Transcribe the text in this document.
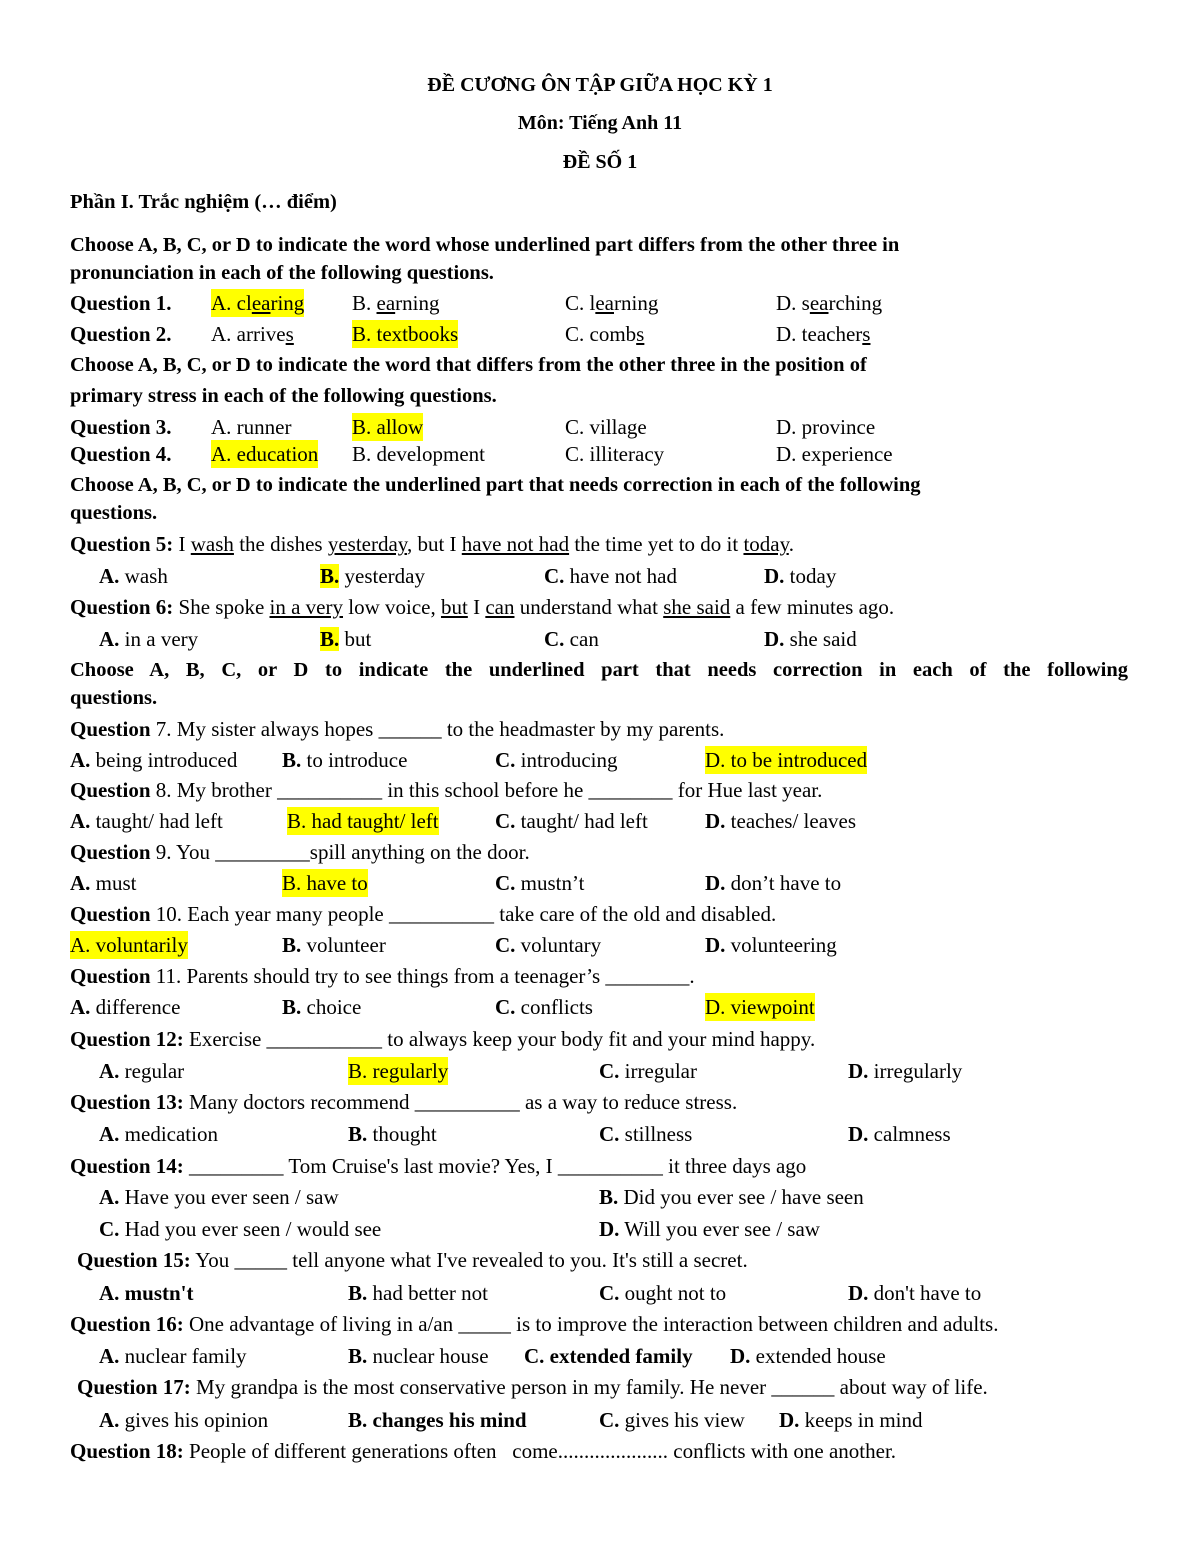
ĐỀ CƯƠNG ÔN TẬP GIỮA HỌC KỲ 1
Môn: Tiếng Anh 11
ĐỀ SỐ 1
Phần I. Trắc nghiệm (… điểm)
Choose A, B, C, or D to indicate the word whose underlined part differs from the other three in
pronunciation in each of the following questions.
Question 1. A. clearing B. earning	C. learning	D. searching
Question 2. A. arrives	B. textbooks	C. combs	D. teachers
Choose A, B, C, or D to indicate the word that differs from the other three in the position of
primary stress in each of the following questions.
Question 3. A. runner	B. allow	C. village	D. province
Question 4. A. education B. development	C. illiteracy	D. experience
Choose A, B, C, or D to indicate the underlined part that needs correction in each of the following
questions.
Question 5: I wash the dishes yesterday, but I have not had the time yet to do it today.
A. wash	B. yesterday	C. have not had	D. today
Question 6: She spoke in a very low voice, but I can understand what she said a few minutes ago.
A. in a very	B. but	C. can	D. she said
Choose A, B, C, or D to indicate the underlined part that needs correction in each of the following
questions.
Question 7. My sister always hopes ______ to the headmaster by my parents.
A. being introduced B. to introduce	C. introducing	D. to be introduced
Question 8. My brother __________ in this school before he ________ for Hue last year.
A. taught/ had left	B. had taught/ left	C. taught/ had left	D. teaches/ leaves
Question 9. You _________spill anything on the door.
A. must	B. have to	C. mustn’t	D. don’t have to
Question 10. Each year many people __________ take care of the old and disabled.
A. voluntarily	B. volunteer	C. voluntary	D. volunteering
Question 11. Parents should try to see things from a teenager’s ________.
A. difference	B. choice	C. conflicts	D. viewpoint
Question 12: Exercise ___________ to always keep your body fit and your mind happy.
A. regular	B. regularly	C. irregular	D. irregularly
Question 13: Many doctors recommend __________ as a way to reduce stress.
A. medication	B. thought	C. stillness	D. calmness
Question 14: _________ Tom Cruise's last movie? Yes, I __________ it three days ago
A. Have you ever seen / saw	B. Did you ever see / have seen
C. Had you ever seen / would see	D. Will you ever see / saw
Question 15: You _____ tell anyone what I've revealed to you. It's still a secret.
A. mustn't	B. had better not	C. ought not to	D. don't have to
Question 16: One advantage of living in a/an _____ is to improve the interaction between children and adults.
A. nuclear family	B. nuclear house C. extended family D. extended house
Question 17: My grandpa is the most conservative person in my family. He never ______ about way of life.
A. gives his opinion	B. changes his mind	C. gives his view D. keeps in mind
Question 18: People of different generations often   come..................... conflicts with one another.
